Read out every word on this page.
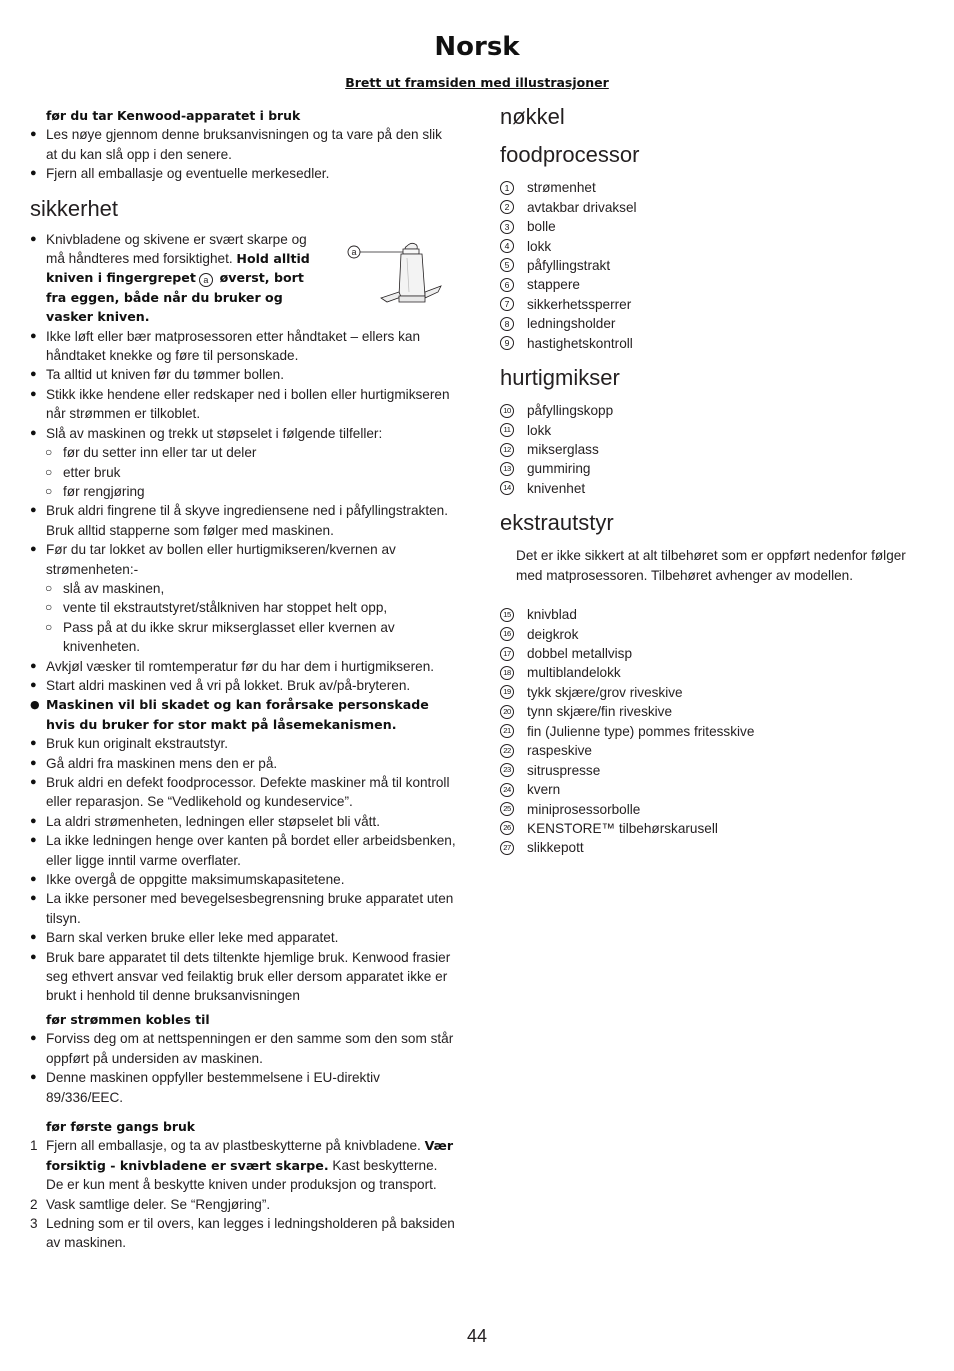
Norsk
Brett ut framsiden med illustrasjoner
før du tar Kenwood-apparatet i bruk
● Les nøye gjennom denne bruksanvisningen og ta vare på den slik at du kan slå opp i den senere.
● Fjern all emballasje og eventuelle merkesedler.
sikkerhet
● Knivbladene og skivene er svært skarpe og må håndteres med forsiktighet. Hold alltid kniven i fingergrepet a øverst, bort fra eggen, både når du bruker og vasker kniven.
● Ikke løft eller bær matprosessoren etter håndtaket – ellers kan håndtaket knekke og føre til personskade.
● Ta alltid ut kniven før du tømmer bollen.
● Stikk ikke hendene eller redskaper ned i bollen eller hurtigmikseren når strømmen er tilkoblet.
● Slå av maskinen og trekk ut støpselet i følgende tilfeller:
○ før du setter inn eller tar ut deler
○ etter bruk
○ før rengjøring
● Bruk aldri fingrene til å skyve ingrediensene ned i påfyllingstrakten. Bruk alltid stapperne som følger med maskinen.
● Før du tar lokket av bollen eller hurtigmikseren/kvernen av strømenheten:-
○ slå av maskinen,
○ vente til ekstrautstyret/stålkniven har stoppet helt opp,
○ Pass på at du ikke skrur mikserglasset eller kvernen av knivenheten.
● Avkjøl væsker til romtemperatur før du har dem i hurtigmikseren.
● Start aldri maskinen ved å vri på lokket. Bruk av/på-bryteren.
● Maskinen vil bli skadet og kan forårsake personskade hvis du bruker for stor makt på låsemekanismen.
● Bruk kun originalt ekstrautstyr.
● Gå aldri fra maskinen mens den er på.
● Bruk aldri en defekt foodprocessor. Defekte maskiner må til kontroll eller reparasjon. Se “Vedlikehold og kundeservice”.
● La aldri strømenheten, ledningen eller støpselet bli vått.
● La ikke ledningen henge over kanten på bordet eller arbeidsbenken, eller ligge inntil varme overflater.
● Ikke overgå de oppgitte maksimumskapasitetene.
● La ikke personer med bevegelsesbegrensning bruke apparatet uten tilsyn.
● Barn skal verken bruke eller leke med apparatet.
● Bruk bare apparatet til dets tiltenkte hjemlige bruk. Kenwood frasier seg ethvert ansvar ved feilaktig bruk eller dersom apparatet ikke er brukt i henhold til denne bruksanvisningen
før strømmen kobles til
● Forviss deg om at nettspenningen er den samme som den som står oppført på undersiden av maskinen.
● Denne maskinen oppfyller bestemmelsene i EU-direktiv 89/336/EEC.
før første gangs bruk
1 Fjern all emballasje, og ta av plastbeskytterne på knivbladene. Vær forsiktig - knivbladene er svært skarpe. Kast beskytterne. De er kun ment å beskytte kniven under produksjon og transport.
2 Vask samtlige deler. Se “Rengjøring”.
3 Ledning som er til overs, kan legges i ledningsholderen på baksiden av maskinen.
a
nøkkel
foodprocessor
1	strømenhet
2	avtakbar drivaksel
3	bolle
4	lokk
5	påfyllingstrakt
6	stappere
7	sikkerhetssperrer
8	ledningsholder
9	hastighetskontroll
hurtigmikser
10 påfyllingskopp
11 lokk
12 mikserglass
13 gummiring
14 knivenhet
ekstrautstyr
Det er ikke sikkert at alt tilbehøret som er oppført nedenfor følger med matprosessoren. Tilbehøret avhenger av modellen.
15 knivblad
16 deigkrok
17 dobbel metallvisp
18 multiblandelokk
19 tykk skjære/grov riveskive
20 tynn skjære/fin riveskive
21 fin (Julienne type) pommes fritesskive
22 raspeskive
23 sitruspresse
24 kvern
25 miniprosessorbolle
26 KENSTORE™ tilbehørskarusell
27 slikkepott
44
